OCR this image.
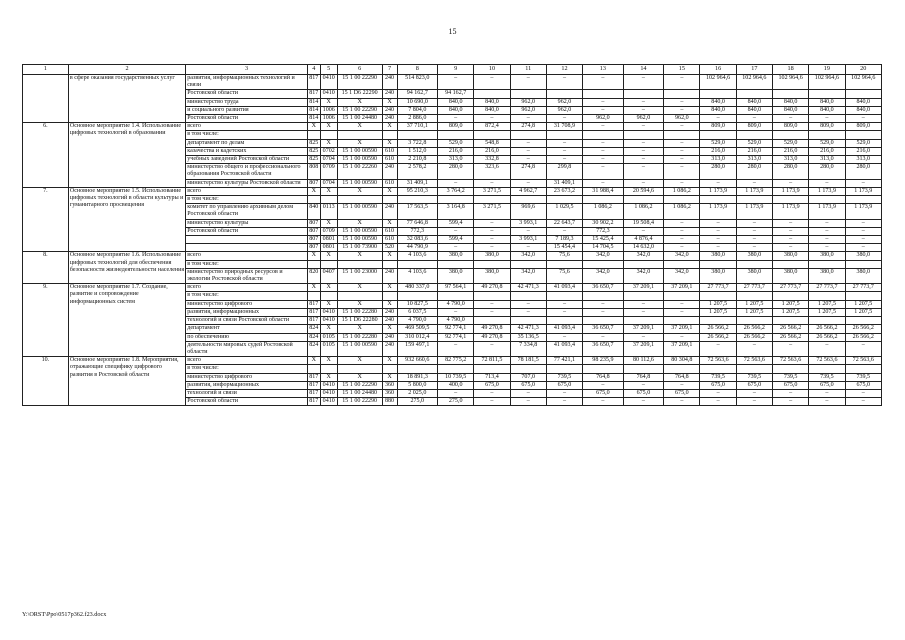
15
1	2	3	4	5	6	7	8	9	10	11	12	13	14	15	16	17	18	19	20
	в сфере оказания государственных услуг	развития, информационных технологий и связи	817	0410	15 1 00 22290	240	514 823,0	–	–	–	–	–	–	–	102 964,6	102 964,6	102 964,6	102 964,6	102 964,6
		Ростовской области	817	0410	15 1 D6 22290	240	94 162,7	94 162,7											
		министерство труда	814	X	X	X	10 690,0	840,0	840,0	962,0	962,0	–	–	–	840,0	840,0	840,0	840,0	840,0
		и социального развития	814	1006	15 1 00 22290	240	7 804,0	840,0	840,0	962,0	962,0	–	–	–	840,0	840,0	840,0	840,0	840,0
		Ростовской области	814	1006	15 1 00 24480	240	2 886,0	–	–	–	–	962,0	962,0	962,0	–	–	–	–	–
6.	Основное мероприятие 1.4. Использование цифровых технологий в образовании	всего	X	X	X	X	37 710,1	809,0	872,4	274,8	31 708,9	–	–	–	809,0	809,0	809,0	809,0	809,0
		в том числе:																	
		департамент по делам	825	X	X	X	3 722,8	529,0	548,8	–	–	–	–	–	529,0	529,0	529,0	529,0	529,0
		казачества и кадетских	825	0702	15 1 00 00590	610	1 512,0	216,0	216,0	–	–	–	–	–	216,0	216,0	216,0	216,0	216,0
		учебных заведений Ростовской области	825	0704	15 1 00 00590	610	2 210,8	313,0	332,8	–	–	–	–	–	313,0	313,0	313,0	313,0	313,0
		министерство общего и профессионального образования Ростовской области	808	0709	15 1 00 22260	240	2 578,2	280,0	323,6	274,8	299,8	–	–	–	280,0	280,0	280,0	280,0	280,0
		министерство культуры Ростовской области	807	0704	15 1 00 00590	610	31 409,1	–	–	–	31 409,1	–	–	–	–	–	–	–	–
7.	Основное мероприятие 1.5. Использование цифровых технологий в области культуры и гуманитарного просвещения	всего	X	X	X	X	95 210,3	3 764,2	3 271,5	4 962,7	23 673,2	31 988,4	20 594,6	1 086,2	1 173,9	1 173,9	1 173,9	1 173,9	1 173,9
		в том числе:																	
		комитет по управлению архивным делом Ростовской области	840	0113	15 1 00 00590	240	17 563,5	3 164,8	3 271,5	969,6	1 029,5	1 086,2	1 086,2	1 086,2	1 173,9	1 173,9	1 173,9	1 173,9	1 173,9
		министерство культуры	807	X	X	X	77 646,8	599,4	–	3 993,1	22 643,7	30 902,2	19 508,4	–	–	–	–	–	–
		Ростовской области	807	0709	15 1 00 00590	610	772,3	–	–	–	–	772,3	–	–	–	–	–	–	–
			807	0801	15 1 00 00590	610	32 083,6	599,4	–	3 993,1	7 189,3	15 425,4	4 876,4	–	–	–	–	–	–
			807	0801	15 1 00 73900	520	44 790,9	–	–	–	15 454,4	14 704,5	14 632,0	–	–	–	–	–	–
8.	Основное мероприятие 1.6. Использование цифровых технологий для обеспечения безопасности жизнедеятельности населения	всего	X	X	X	X	4 103,6	380,0	380,0	342,0	75,6	342,0	342,0	342,0	380,0	380,0	380,0	380,0	380,0
		в том числе:																	
		министерство природных ресурсов и экологии Ростовской области	820	0407	15 1 00 23000	240	4 103,6	380,0	380,0	342,0	75,6	342,0	342,0	342,0	380,0	380,0	380,0	380,0	380,0
9.	Основное мероприятие 1.7. Создание, развитие и сопровождение информационных систем	всего	X	X	X	X	480 337,0	97 564,1	49 270,8	42 471,3	41 093,4	36 650,7	37 209,1	37 209,1	27 773,7	27 773,7	27 773,7	27 773,7	27 773,7
		в том числе:																	
		министерство цифрового	817	X	X	X	10 827,5	4 790,0	–	–	–	–	–	–	1 207,5	1 207,5	1 207,5	1 207,5	1 207,5
		развития, информационных	817	0410	15 1 00 22280	240	6 037,5	–	–	–	–	–	–	–	1 207,5	1 207,5	1 207,5	1 207,5	1 207,5
		технологий и связи Ростовской области	817	0410	15 1 D6 22280	240	4 790,0	4 790,0											
		департамент	824	X	X	X	469 509,5	92 774,1	49 270,8	42 471,3	41 093,4	36 650,7	37 209,1	37 209,1	26 566,2	26 566,2	26 566,2	26 566,2	26 566,2
		по обеспечению	824	0105	15 1 00 22280	240	310 012,4	92 774,1	49 270,8	35 136,5	–	–	–	–	26 566,2	26 566,2	26 566,2	26 566,2	26 566,2
		деятельности мировых судей Ростовской области	824	0105	15 1 00 00590	240	159 497,1	–	–	7 334,8	41 093,4	36 650,7	37 209,1	37 209,1	–	–	–	–	–
10.	Основное мероприятие 1.8. Мероприятия, отражающие специфику цифрового развития в Ростовской области	всего	X	X	X	X	932 660,6	82 775,2	72 811,5	78 181,5	77 421,1	98 235,9	80 112,6	80 304,8	72 563,6	72 563,6	72 563,6	72 563,6	72 563,6
		в том числе:																	
		министерство цифрового	817	X	X	X	18 891,3	10 739,5	713,4	707,0	739,5	764,8	764,8	764,8	739,5	739,5	739,5	739,5	739,5
		развития, информационных	817	0410	15 1 00 22290	360	5 800,0	400,0	675,0	675,0	675,0	–	–	–	675,0	675,0	675,0	675,0	675,0
		технологий и связи	817	0410	15 1 00 24480	360	2 025,0	–	–	–	–	675,0	675,0	675,0	–	–	–	–	–
		Ростовской области	817	0410	15 1 00 22290	880	275,0	275,0	–	–	–	–	–	–	–	–	–	–	–
Y:\ORST\Ppo\0517p362.f23.docx
